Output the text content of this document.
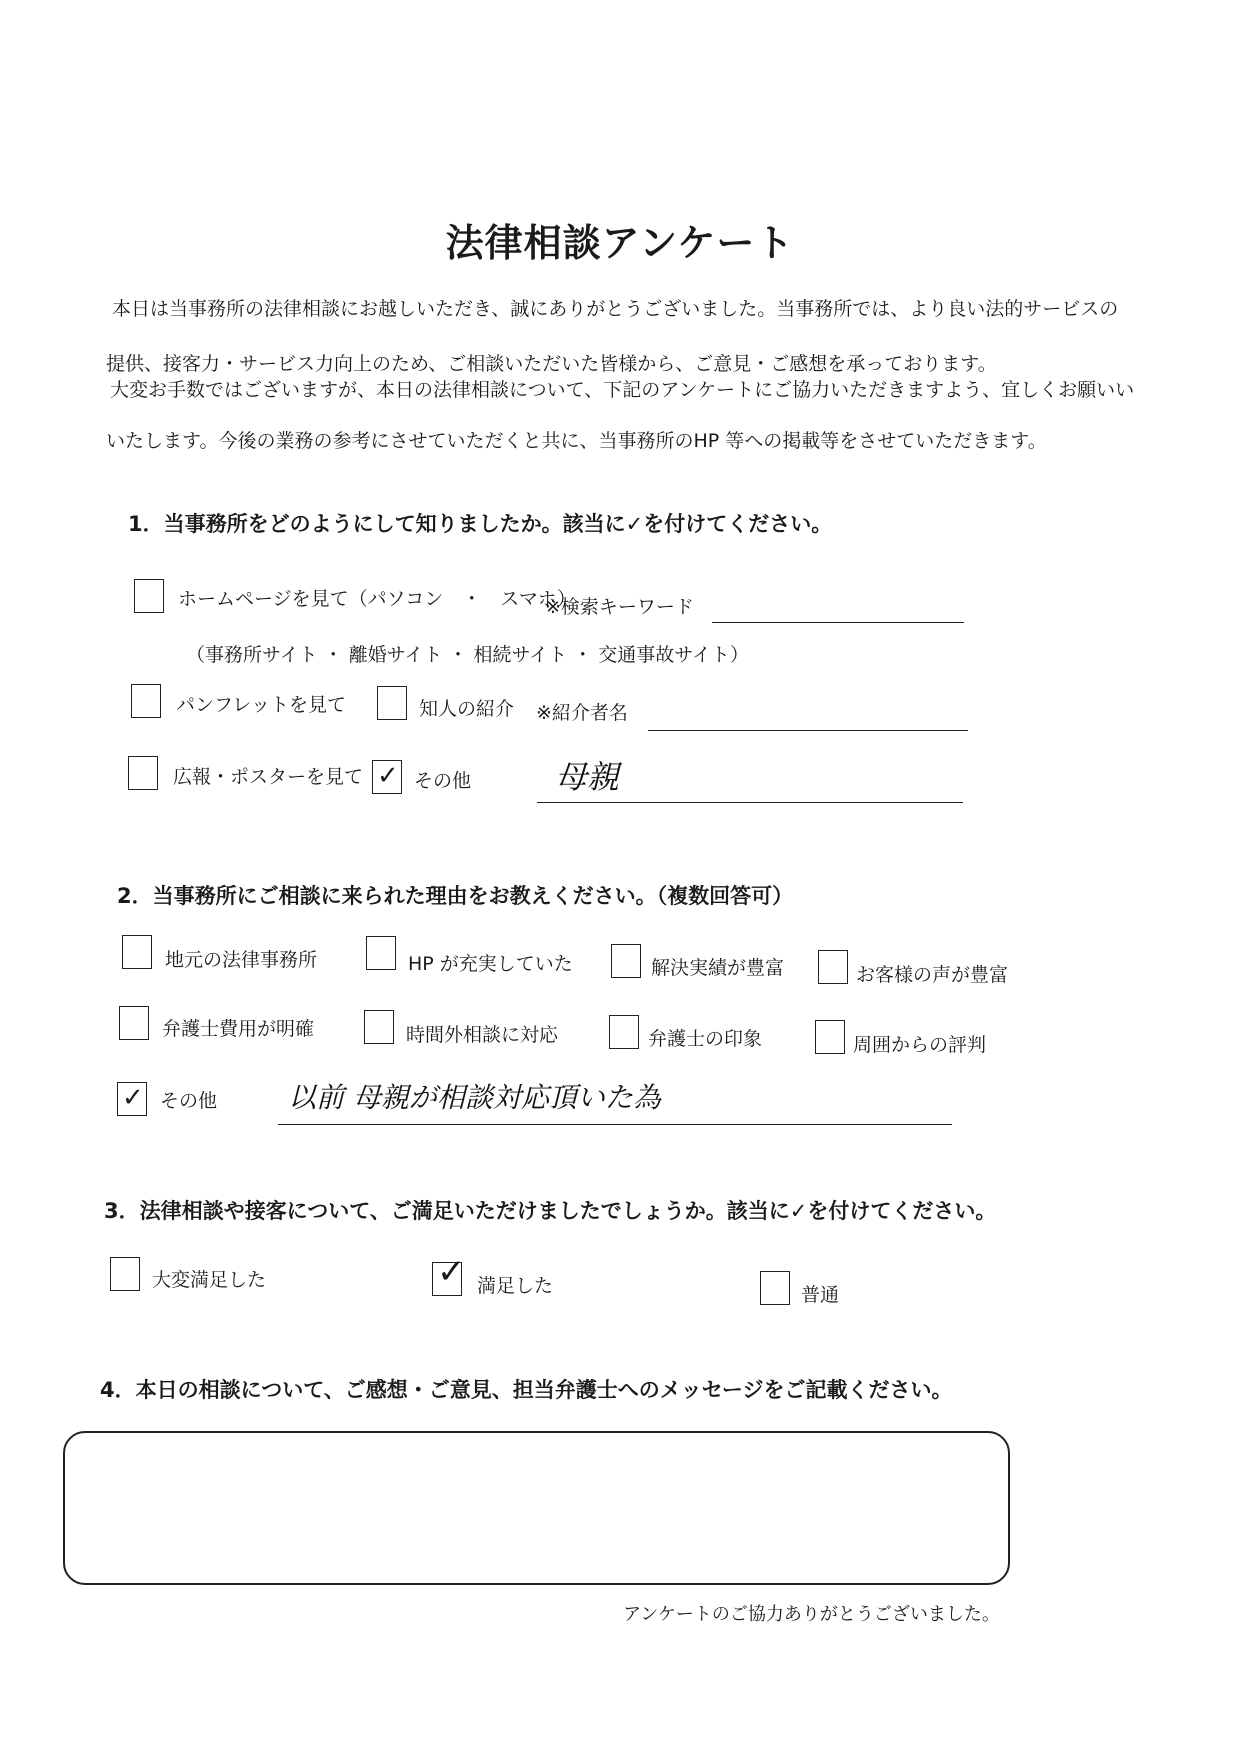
法律相談アンケート
本日は当事務所の法律相談にお越しいただき、誠にありがとうございました。当事務所では、より良い法的サービスの
提供、接客力・サービス力向上のため、ご相談いただいた皆様から、ご意見・ご感想を承っております。
大変お手数ではございますが、本日の法律相談について、下記のアンケートにご協力いただきますよう、宜しくお願いい
いたします。今後の業務の参考にさせていただくと共に、当事務所のHP 等への掲載等をさせていただきます。
1．当事務所をどのようにして知りましたか。該当に✓を付けてください。
ホームページを見て（パソコン　・　スマホ）
※検索キーワード
（事務所サイト ・ 離婚サイト ・ 相続サイト ・ 交通事故サイト）
パンフレットを見て	知人の紹介 ※紹介者名
広報・ポスターを見て ✓ その他	母親
2．当事務所にご相談に来られた理由をお教えください。（複数回答可）
地元の法律事務所	HP が充実していた	解決実績が豊富	お客様の声が豊富
弁護士費用が明確	時間外相談に対応	弁護士の印象	周囲からの評判
✓ その他	以前 母親が相談対応頂いた為
3．法律相談や接客について、ご満足いただけましたでしょうか。該当に✓を付けてください。
大変満足した	✓ 満足した	普通
4．本日の相談について、ご感想・ご意見、担当弁護士へのメッセージをご記載ください。
アンケートのご協力ありがとうございました。
